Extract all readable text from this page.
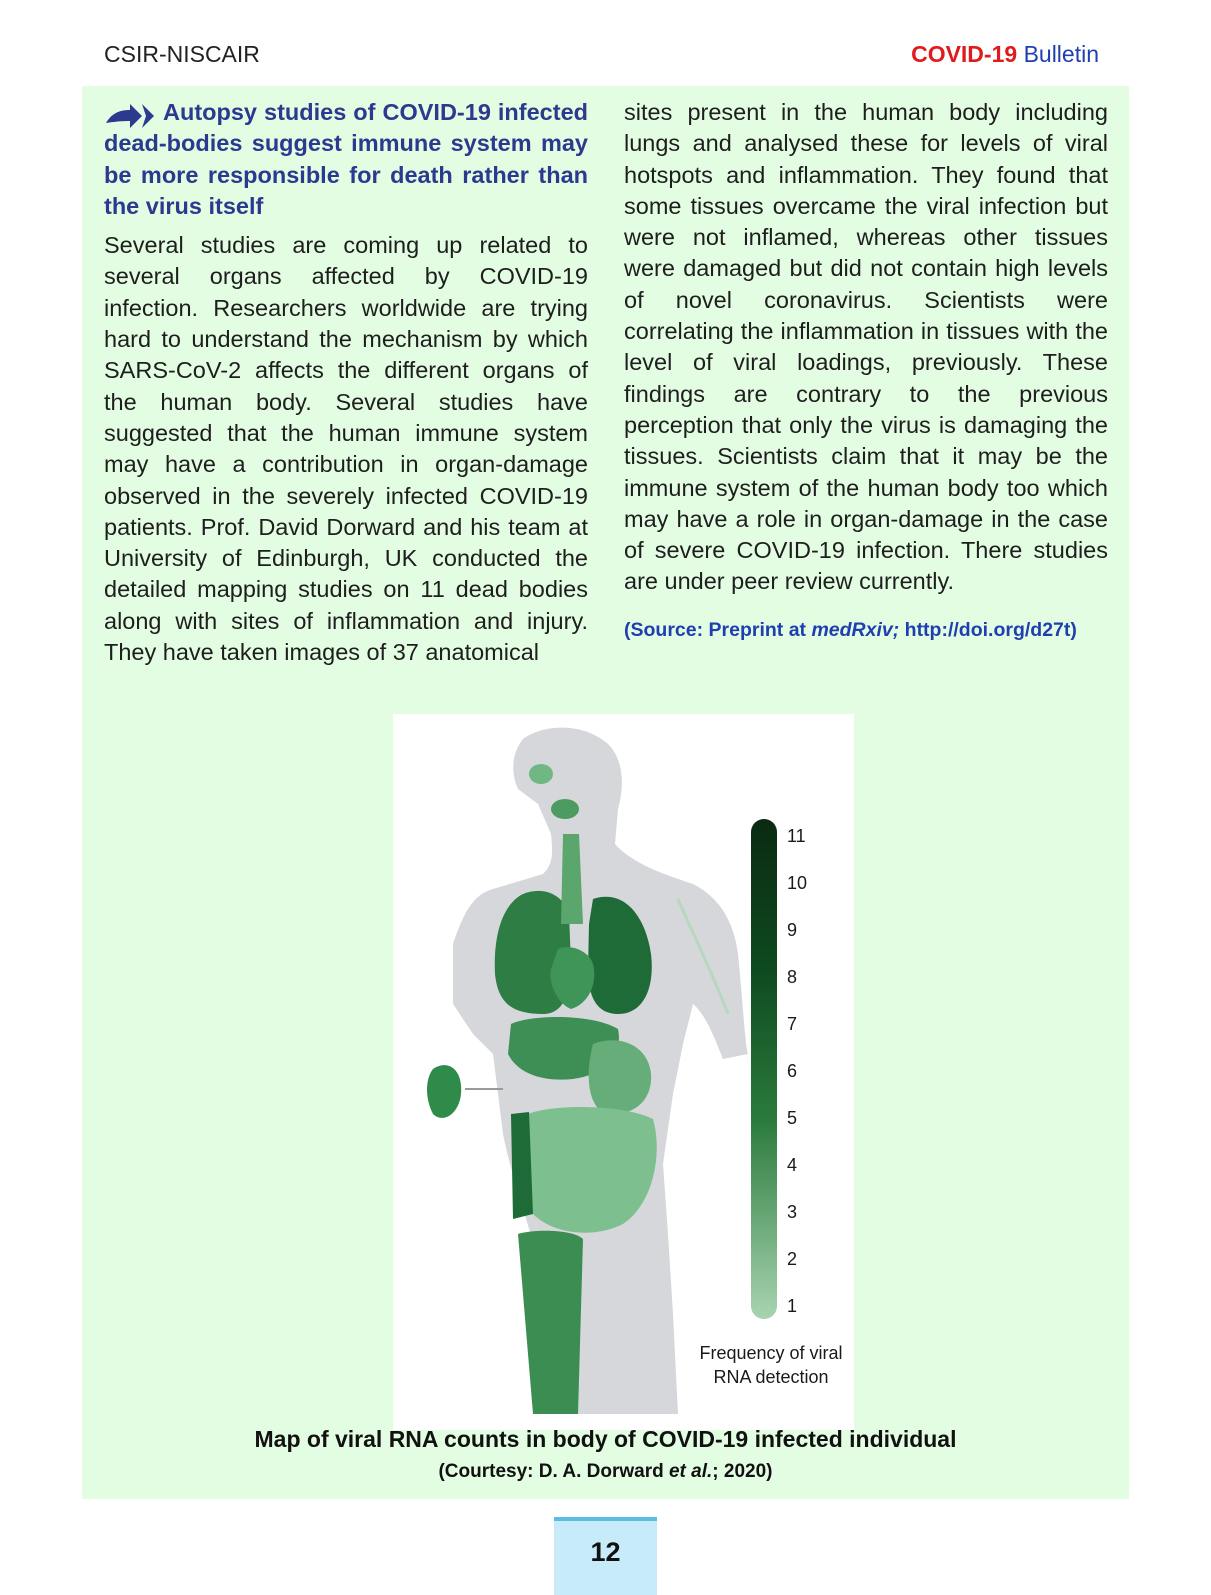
CSIR-NISCAIR	COVID-19 Bulletin
Autopsy studies of COVID-19 infected dead-bodies suggest immune system may be more responsible for death rather than the virus itself
Several studies are coming up related to several organs affected by COVID-19 infection. Researchers worldwide are trying hard to understand the mechanism by which SARS-CoV-2 affects the different organs of the human body. Several studies have suggested that the human immune system may have a contribution in organ-damage observed in the severely infected COVID-19 patients. Prof. David Dorward and his team at University of Edinburgh, UK conducted the detailed mapping studies on 11 dead bodies along with sites of inflammation and injury. They have taken images of 37 anatomical
sites present in the human body including lungs and analysed these for levels of viral hotspots and inflammation. They found that some tissues overcame the viral infection but were not inflamed, whereas other tissues were damaged but did not contain high levels of novel coronavirus. Scientists were correlating the inflammation in tissues with the level of viral loadings, previously. These findings are contrary to the previous perception that only the virus is damaging the tissues. Scientists claim that it may be the immune system of the human body too which may have a role in organ-damage in the case of severe COVID-19 infection. There studies are under peer review currently.
(Source: Preprint at medRxiv; http://doi.org/d27t)
11
10
9
8
7
6
5
4
3
2
1
Frequency of viral
RNA detection
Map of viral RNA counts in body of COVID-19 infected individual
(Courtesy: D. A. Dorward et al.; 2020)
12
